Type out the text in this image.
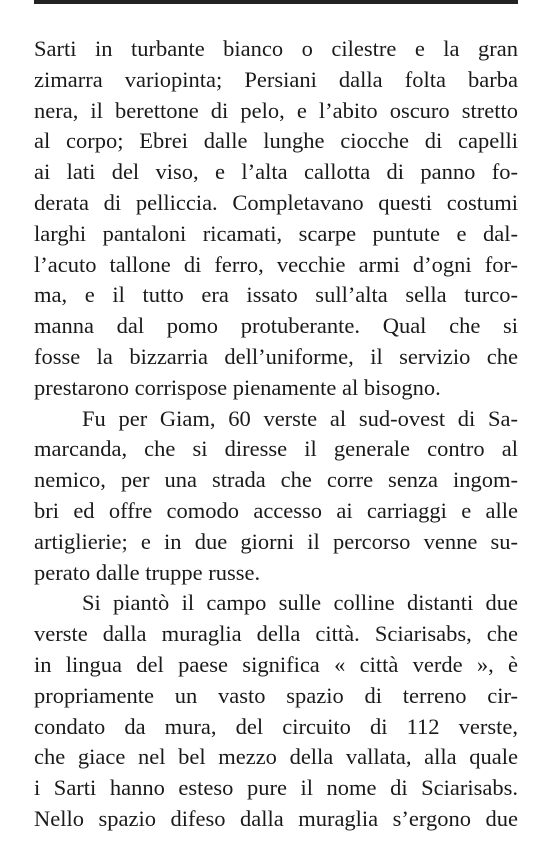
Sarti in turbante bianco o cilestre e la gran
zimarra variopinta; Persiani dalla folta barba
nera, il berettone di pelo, e l’abito oscuro stretto
al corpo; Ebrei dalle lunghe ciocche di capelli
ai lati del viso, e l’alta callotta di panno fo-
derata di pelliccia. Completavano questi costumi
larghi pantaloni ricamati, scarpe puntute e dal-
l’acuto tallone di ferro, vecchie armi d’ogni for-
ma, e il tutto era issato sull’alta sella turco-
manna dal pomo protuberante. Qual che si
fosse la bizzarria dell’uniforme, il servizio che
prestarono corrispose pienamente al bisogno.
Fu per Giam, 60 verste al sud-ovest di Sa-
marcanda, che si diresse il generale contro al
nemico, per una strada che corre senza ingom-
bri ed offre comodo accesso ai carriaggi e alle
artiglierie; e in due giorni il percorso venne su-
perato dalle truppe russe.
Si piantò il campo sulle colline distanti due
verste dalla muraglia della città. Sciarisabs, che
in lingua del paese significa « città verde », è
propriamente un vasto spazio di terreno cir-
condato da mura, del circuito di 112 verste,
che giace nel bel mezzo della vallata, alla quale
i Sarti hanno esteso pure il nome di Sciarisabs.
Nello spazio difeso dalla muraglia s’ergono due
